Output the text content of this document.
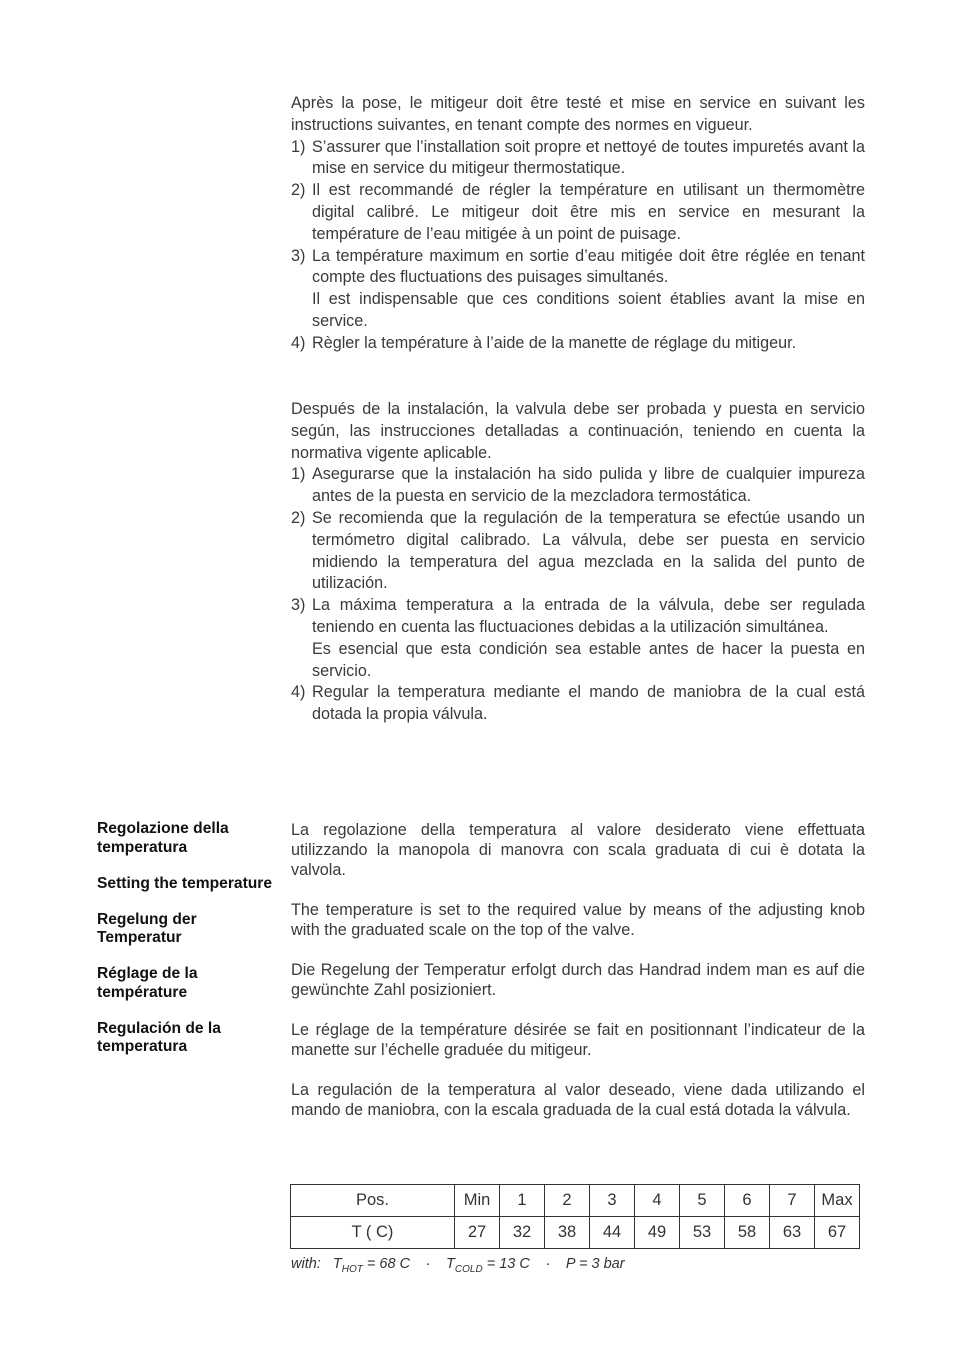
Après la pose, le mitigeur doit être testé et mise en service en suivant les instructions suivantes, en tenant compte des normes en vigueur.

1) S’assurer que l’installation soit propre et nettoyé de toutes impuretés avant la mise en service du mitigeur thermostatique.
2) Il est recommandé de régler la température en utilisant un thermomètre digital calibré. Le mitigeur doit être mis en service en mesurant la température de l’eau mitigée à un point de puisage.
3) La température maximum en sortie d’eau mitigée doit être réglée en tenant compte des fluctuations des puisages simultanés.
Il est indispensable que ces conditions soient établies avant la mise en service.
4) Règler la température à l’aide de la manette de réglage du mitigeur.

Después de la instalación, la valvula debe ser probada y puesta en servicio según, las instrucciones detalladas a continuación, teniendo en cuenta la normativa vigente aplicable.

1) Asegurarse que la instalación ha sido pulida y libre de cualquier impureza antes de la puesta en servicio de la mezcladora termostática.
2) Se recomienda que la regulación de la temperatura se efectúe usando un termómetro digital calibrado. La válvula, debe ser puesta en servicio midiendo la temperatura del agua mezclada en la salida del punto de utilización.
3) La máxima temperatura a la entrada de la válvula, debe ser regulada teniendo en cuenta las fluctuaciones debidas a la utilización simultánea.
Es esencial que esta condición sea estable antes de hacer la puesta en servicio.
4) Regular la temperatura mediante el mando de maniobra de la cual está dotada la propia válvula.
Regolazione della temperatura
Setting the temperature
Regelung der Temperatur
Réglage de la température
Regulación de la temperatura

La regolazione della temperatura al valore desiderato viene effettuata utilizzando la manopola di manovra con scala graduata di cui è dotata la valvola.

The temperature is set to the required value by means of the adjusting knob with the graduated scale on the top of the valve.

Die Regelung der Temperatur erfolgt durch das Handrad indem man es auf die gewünchte Zahl posizioniert.

Le réglage de la température désirée se fait en positionnant l’indicateur de la manette sur l’échelle graduée du mitigeur.

La regulación de la temperatura al valor deseado, viene dada utilizando el mando de maniobra, con la escala graduada de la cual está dotada la válvula.

Pos.	Min	1	2	3	4	5	6	7	Max
T ( C)	27	32	38	44	49	53	58	63	67
with: $T_{HOT} = 68$ $C \cdot T_{COLD} = 13$ C · P = 3 bar
